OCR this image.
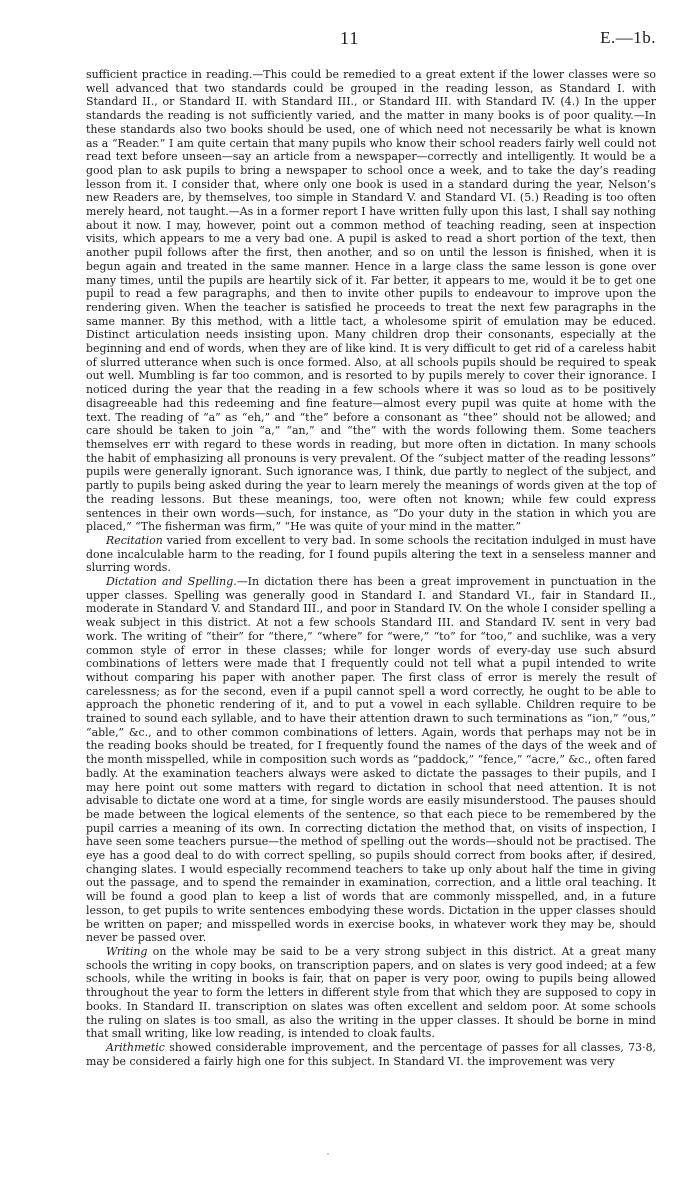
11	E.—1b.

sufficient practice in reading.—This could be remedied to a great extent if the lower classes were so well advanced that two standards could be grouped in the reading lesson, as Standard I. with Standard II., or Standard II. with Standard III., or Standard III. with Standard IV. (4.) In the upper standards the reading is not sufficiently varied, and the matter in many books is of poor quality.—In these standards also two books should be used, one of which need not necessarily be what is known as a “Reader.” I am quite certain that many pupils who know their school readers fairly well could not read text before unseen—say an article from a newspaper—correctly and intelligently. It would be a good plan to ask pupils to bring a newspaper to school once a week, and to take the day’s reading lesson from it. I consider that, where only one book is used in a standard during the year, Nelson’s new Readers are, by themselves, too simple in Standard V. and Standard VI. (5.) Reading is too often merely heard, not taught.—As in a former report I have written fully upon this last, I shall say nothing about it now. I may, however, point out a common method of teaching reading, seen at inspection visits, which appears to me a very bad one. A pupil is asked to read a short portion of the text, then another pupil follows after the first, then another, and so on until the lesson is finished, when it is begun again and treated in the same manner. Hence in a large class the same lesson is gone over many times, until the pupils are heartily sick of it. Far better, it appears to me, would it be to get one pupil to read a few paragraphs, and then to invite other pupils to endeavour to improve upon the rendering given. When the teacher is satisfied he proceeds to treat the next few paragraphs in the same manner. By this method, with a little tact, a wholesome spirit of emulation may be educed. Distinct articulation needs insisting upon. Many children drop their consonants, especially at the beginning and end of words, when they are of like kind. It is very difficult to get rid of a careless habit of slurred utterance when such is once formed. Also, at all schools pupils should be required to speak out well. Mumbling is far too common, and is resorted to by pupils merely to cover their ignorance. I noticed during the year that the reading in a few schools where it was so loud as to be positively disagreeable had this redeeming and fine feature—almost every pupil was quite at home with the text. The reading of “a” as “eh,” and “the” before a consonant as “thee” should not be allowed; and care should be taken to join “a,” “an,” and “the” with the words following them. Some teachers themselves err with regard to these words in reading, but more often in dictation. In many schools the habit of emphasizing all pronouns is very prevalent. Of the “subject matter of the reading lessons” pupils were generally ignorant. Such ignorance was, I think, due partly to neglect of the subject, and partly to pupils being asked during the year to learn merely the meanings of words given at the top of the reading lessons. But these meanings, too, were often not known; while few could express sentences in their own words—such, for instance, as “Do your duty in the station in which you are placed,” “The fisherman was firm,” “He was quite of your mind in the matter.”

Recitation varied from excellent to very bad. In some schools the recitation indulged in must have done incalculable harm to the reading, for I found pupils altering the text in a senseless manner and slurring words.

Dictation and Spelling.—In dictation there has been a great improvement in punctuation in the upper classes. Spelling was generally good in Standard I. and Standard VI., fair in Standard II., moderate in Standard V. and Standard III., and poor in Standard IV. On the whole I consider spelling a weak subject in this district. At not a few schools Standard III. and Standard IV. sent in very bad work. The writing of “their” for “there,” “where” for “were,” “to” for “too,” and suchlike, was a very common style of error in these classes; while for longer words of every-day use such absurd combinations of letters were made that I frequently could not tell what a pupil intended to write without comparing his paper with another paper. The first class of error is merely the result of carelessness; as for the second, even if a pupil cannot spell a word correctly, he ought to be able to approach the phonetic rendering of it, and to put a vowel in each syllable. Children require to be trained to sound each syllable, and to have their attention drawn to such terminations as “ion,” “ous,” “able,” &c., and to other common combinations of letters. Again, words that perhaps may not be in the reading books should be treated, for I frequently found the names of the days of the week and of the month misspelled, while in composition such words as “paddock,” “fence,” “acre,” &c., often fared badly. At the examination teachers always were asked to dictate the passages to their pupils, and I may here point out some matters with regard to dictation in school that need attention. It is not advisable to dictate one word at a time, for single words are easily misunderstood. The pauses should be made between the logical elements of the sentence, so that each piece to be remembered by the pupil carries a meaning of its own. In correcting dictation the method that, on visits of inspection, I have seen some teachers pursue—the method of spelling out the words—should not be practised. The eye has a good deal to do with correct spelling, so pupils should correct from books after, if desired, changing slates. I would especially recommend teachers to take up only about half the time in giving out the passage, and to spend the remainder in examination, correction, and a little oral teaching. It will be found a good plan to keep a list of words that are commonly misspelled, and, in a future lesson, to get pupils to write sentences embodying these words. Dictation in the upper classes should be written on paper; and misspelled words in exercise books, in whatever work they may be, should never be passed over.

Writing on the whole may be said to be a very strong subject in this district. At a great many schools the writing in copy books, on transcription papers, and on slates is very good indeed; at a few schools, while the writing in books is fair, that on paper is very poor, owing to pupils being allowed throughout the year to form the letters in different style from that which they are supposed to copy in books. In Standard II. transcription on slates was often excellent and seldom poor. At some schools the ruling on slates is too small, as also the writing in the upper classes. It should be borne in mind that small writing, like low reading, is intended to cloak faults.

Arithmetic showed considerable improvement, and the percentage of passes for all classes, 73·8, may be considered a fairly high one for this subject. In Standard VI. the improvement was very
